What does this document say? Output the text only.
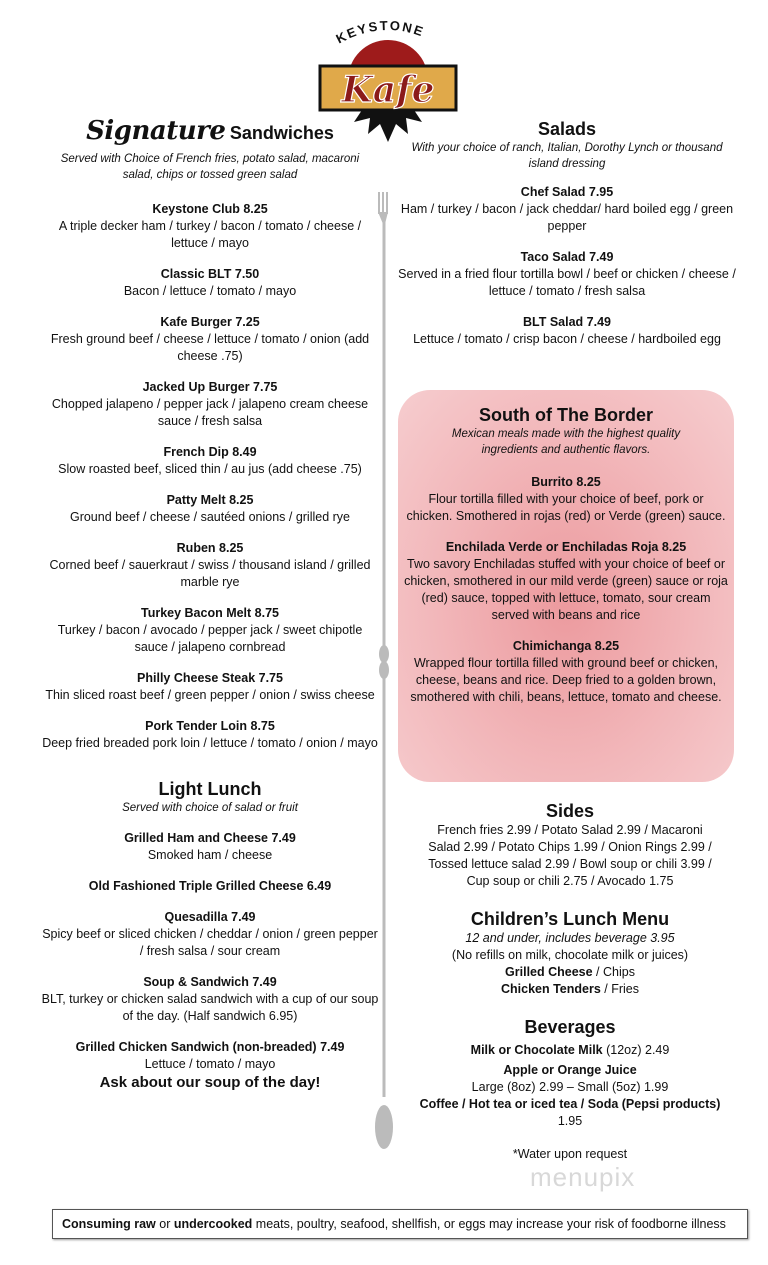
KEYSTONE
Kafe
Signature Sandwiches
Served with Choice of French fries, potato salad, macaroni salad, chips or tossed green salad
Keystone Club 8.25
A triple decker ham / turkey / bacon / tomato / cheese / lettuce / mayo
Classic BLT 7.50
Bacon / lettuce / tomato / mayo
Kafe Burger 7.25
Fresh ground beef / cheese / lettuce / tomato / onion (add cheese .75)
Jacked Up Burger 7.75
Chopped jalapeno / pepper jack / jalapeno cream cheese sauce / fresh salsa
French Dip 8.49
Slow roasted beef, sliced thin / au jus (add cheese .75)
Patty Melt 8.25
Ground beef / cheese / sautéed onions / grilled rye
Ruben 8.25
Corned beef / sauerkraut / swiss / thousand island / grilled marble rye
Turkey Bacon Melt 8.75
Turkey / bacon / avocado / pepper jack / sweet chipotle sauce / jalapeno cornbread
Philly Cheese Steak 7.75
Thin sliced roast beef / green pepper / onion / swiss cheese
Pork Tender Loin 8.75
Deep fried breaded pork loin / lettuce / tomato / onion / mayo
Light Lunch
Served with choice of salad or fruit
Grilled Ham and Cheese 7.49
Smoked ham / cheese
Old Fashioned Triple Grilled Cheese 6.49
Quesadilla 7.49
Spicy beef or sliced chicken / cheddar / onion / green pepper / fresh salsa / sour cream
Soup & Sandwich 7.49
BLT, turkey or chicken salad sandwich with a cup of our soup of the day. (Half sandwich 6.95)
Grilled Chicken Sandwich (non-breaded) 7.49
Lettuce / tomato / mayo
Ask about our soup of the day!
Salads
With your choice of ranch, Italian, Dorothy Lynch or thousand island dressing
Chef Salad 7.95
Ham / turkey / bacon / jack cheddar/ hard boiled egg / green pepper
Taco Salad 7.49
Served in a fried flour tortilla bowl / beef or chicken / cheese / lettuce / tomato / fresh salsa
BLT Salad 7.49
Lettuce / tomato / crisp bacon / cheese / hardboiled egg
South of The Border
Mexican meals made with the highest quality ingredients and authentic flavors.
Burrito 8.25
Flour tortilla filled with your choice of beef, pork or chicken. Smothered in rojas (red) or Verde (green) sauce.
Enchilada Verde or Enchiladas Roja 8.25
Two savory Enchiladas stuffed with your choice of beef or chicken, smothered in our mild verde (green) sauce or roja (red) sauce, topped with lettuce, tomato, sour cream served with beans and rice
Chimichanga 8.25
Wrapped flour tortilla filled with ground beef or chicken, cheese, beans and rice. Deep fried to a golden brown, smothered with chili, beans, lettuce, tomato and cheese.
Sides
French fries 2.99 / Potato Salad 2.99 / Macaroni Salad 2.99 / Potato Chips 1.99 / Onion Rings 2.99 / Tossed lettuce salad 2.99 / Bowl soup or chili 3.99 / Cup soup or chili 2.75 / Avocado 1.75
Children’s Lunch Menu
12 and under, includes beverage 3.95
(No refills on milk, chocolate milk or juices)
Grilled Cheese / Chips
Chicken Tenders / Fries
Beverages
Milk or Chocolate Milk (12oz) 2.49
Apple or Orange Juice
Large (8oz) 2.99 – Small (5oz) 1.99
Coffee / Hot tea or iced tea / Soda (Pepsi products)
1.95
*Water upon request
menupix
Consuming raw or undercooked meats, poultry, seafood, shellfish, or eggs may increase your risk of foodborne illness
